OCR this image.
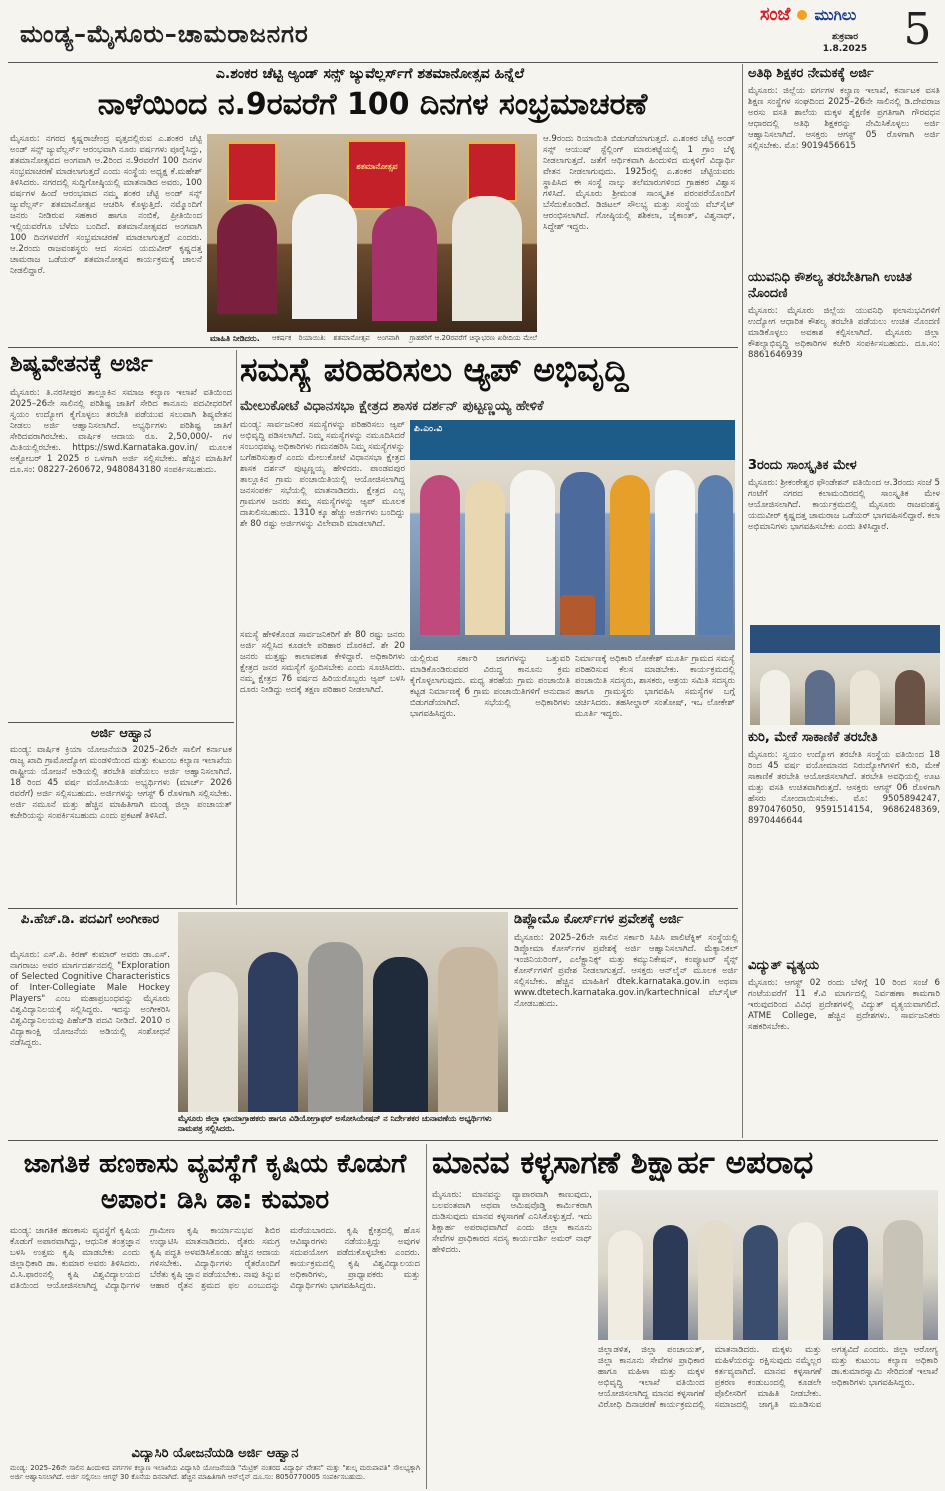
ಮಂಡ್ಯ–ಮೈಸೂರು–ಚಾಮರಾಜನಗರ
ಸಂಜೆ ಮುಗಿಲು
ಶುಕ್ರವಾರ
1.8.2025 5
ಎ.ಶಂಕರ ಚೆಟ್ಟಿ ಅ್ಯಂಡ್ ಸನ್ಸ್ ಜ್ಯುವೆಲ್ಲರ್ಸ್‌ಗೆ ಶತಮಾನೋತ್ಸವ ಹಿನ್ನೆಲೆ
ನಾಳೆಯಿಂದ ನ.9ರವರೆಗೆ 100 ದಿನಗಳ ಸಂಭ್ರಮಾಚರಣೆ
ಮೈಸೂರು: ನಗರದ ಕೃಷ್ಣರಾಜೇಂದ್ರ ವೃತ್ತದಲ್ಲಿರುವ ಎ.ಶಂಕರ ಚೆಟ್ಟಿ ಅಂಡ್ ಸನ್ಸ್ ಜ್ಯುವೆಲ್ಲರ್ಸ್ ಆರಂಭವಾಗಿ ನೂರು ವರ್ಷಗಳು ಪೂರೈಸಿದ್ದು, ಶತಮಾನೋತ್ಸವದ ಅಂಗವಾಗಿ ಆ.2ರಿಂದ ನ.9ರವರೆಗೆ 100 ದಿನಗಳ ಸಂಭ್ರಮಾಚರಣೆ ಮಾಡಲಾಗುತ್ತದೆ ಎಂದು ಸಂಸ್ಥೆಯ ಅಧ್ಯಕ್ಷ ಕೆ.ಮಹೇಶ್ ತಿಳಿಸಿದರು. ನಗರದಲ್ಲಿ ಸುದ್ದಿಗೋಷ್ಠಿಯಲ್ಲಿ ಮಾತನಾಡಿದ ಅವರು, 100 ವರ್ಷಗಳ ಹಿಂದೆ ಆರಂಭವಾದ ನಮ್ಮ ಶಂಕರ ಚೆಟ್ಟಿ ಅಂಡ್ ಸನ್ಸ್ ಜ್ಯುವೆಲ್ಲರ್ಸ್ ಶತಮಾನೋತ್ಸವ ಆಚರಿಸಿ ಕೊಳ್ಳುತ್ತಿದೆ. ನಮ್ಮೊಂದಿಗೆ ಜನರು ನೀಡಿರುವ ಸಹಕಾರ ಹಾಗೂ ನಂಬಿಕೆ, ಪ್ರೀತಿಯಿಂದ ಇಲ್ಲಿಯವರೆಗೂ ಬೆಳೆದು ಬಂದಿದೆ. ಶತಮಾನೋತ್ಸವದ ಅಂಗವಾಗಿ 100 ದಿನಗಳವರೆಗೆ ಸಂಭ್ರಮಾಚರಣೆ ಮಾಡಲಾಗುತ್ತದೆ ಎಂದರು. ಆ.2ರಂದು ರಾಜವಂಶಸ್ಥರು ಆದ ಸಂಸದ ಯದುವೀರ್ ಕೃಷ್ಣದತ್ತ ಚಾಮರಾಜ ಒಡೆಯರ್ ಶತಮಾನೋತ್ಸವ ಕಾರ್ಯಕ್ರಮಕ್ಕೆ ಚಾಲನೆ ನೀಡಲಿದ್ದಾರೆ.
ಶತಮಾನೋತ್ಸವ
ಆ.9ರಂದು ರಿಯಾಯಿತಿ ಬಿಡುಗಡೆಯಾಗುತ್ತದೆ. ಎ.ಶಂಕರ ಚೆಟ್ಟಿ ಅಂಡ್ ಸನ್ಸ್ ಆಯುಷ್ ಸ್ಟೆಲ್ಲಿಂಗ್ ಮಾರುಕಟ್ಟೆಯಲ್ಲಿ 1 ಗ್ರಾಂ ಬೆಳ್ಳಿ ನೀಡಲಾಗುತ್ತದೆ. ಜತೆಗೆ ಆರ್ಥಿಕವಾಗಿ ಹಿಂದುಳಿದ ಮಕ್ಕಳಿಗೆ ವಿದ್ಯಾರ್ಥಿ ವೇತನ ನೀಡಲಾಗುವುದು. 1925ರಲ್ಲಿ ಎ.ಶಂಕರ ಚೆಟ್ಟಿಯವರು ಸ್ಥಾಪಿಸಿದ ಈ ಸಂಸ್ಥೆ ನಾಲ್ಕು ತಲೆಮಾರುಗಳಿಂದ ಗ್ರಾಹಕರ ವಿಶ್ವಾಸ ಗಳಿಸಿದೆ. ಮೈಸೂರು ಶ್ರೀಮಂತ ಸಾಂಸ್ಕೃತಿಕ ಪರಂಪರೆಯೊಂದಿಗೆ ಬೆಸೆದುಕೊಂಡಿದೆ. ಡಿಜಿಟಲ್ ಸೌಲಭ್ಯ ಮತ್ತು ಸಂಸ್ಥೆಯ ವೆಬ್‌ಸೈಟ್ ಆರಂಭಿಸಲಾಗಿದೆ. ಗೋಷ್ಠಿಯಲ್ಲಿ ಶಶಿಕಲಾ, ಜೈಕಾಂತ್, ವಿಶ್ವನಾಥ್, ಸಿದ್ದೇಶ್ ಇದ್ದರು.
ಮಾಹಿತಿ ನೀಡಿದರು.	ಆಕರ್ಷಕ ರಿಯಾಯಿತಿ: ಶತಮಾನೋತ್ಸವ ಅಂಗವಾಗಿ ಗ್ರಾಹಕರಿಗೆ ಆ.20ರವರೆಗೆ ಚಿನ್ನಾಭರಣ ಖರೀದಿಯ ಮೇಲೆ
ಶಿಷ್ಯವೇತನಕ್ಕೆ ಅರ್ಜಿ
ಮೈಸೂರು: ತಿ.ನರಸೀಪುರ ತಾಲ್ಲೂಕಿನ ಸಮಾಜ ಕಲ್ಯಾಣ ಇಲಾಖೆ ವತಿಯಿಂದ 2025–26ನೇ ಸಾಲಿನಲ್ಲಿ ಪರಿಶಿಷ್ಟ ಜಾತಿಗೆ ಸೇರಿದ ಕಾನೂನು ಪದವೀಧರರಿಗೆ ಸ್ವಯಂ ಉದ್ಯೋಗ ಕೈಗೊಳ್ಳಲು ತರಬೇತಿ ಪಡೆಯುವ ಸಲುವಾಗಿ ಶಿಷ್ಯವೇತನ ನೀಡಲು ಅರ್ಜಿ ಆಹ್ವಾನಿಸಲಾಗಿದೆ. ಅಭ್ಯರ್ಥಿಗಳು ಪರಿಶಿಷ್ಟ ಜಾತಿಗೆ ಸೇರಿದವರಾಗಿರಬೇಕು. ವಾರ್ಷಿಕ ಆದಾಯ ರೂ. 2,50,000/- ಗಳ ಮಿತಿಯಲ್ಲಿರಬೇಕು. https://swd.Karnataka.gov.in/ ಮೂಲಕ ಅಕ್ಟೋಬರ್ 1 2025 ರ ಒಳಗಾಗಿ ಅರ್ಜಿ ಸಲ್ಲಿಸಬೇಕು. ಹೆಚ್ಚಿನ ಮಾಹಿತಿಗೆ ದೂ.ಸಂ: 08227-260672, 9480843180 ಸಂಪರ್ಕಿಸಬಹುದು.
ಅರ್ಜಿ ಆಹ್ವಾನ
ಮಂಡ್ಯ: ವಾರ್ಷಿಕ ಕ್ರಿಯಾ ಯೋಜನೆಯಡಿ 2025–26ನೇ ಸಾಲಿಗೆ ಕರ್ನಾಟಕ ರಾಜ್ಯ ಖಾದಿ ಗ್ರಾಮೋದ್ಯೋಗ ಮಂಡಳಿಯಿಂದ ಮತ್ತು ಕುಟುಂಬ ಕಲ್ಯಾಣ ಇಲಾಖೆಯ ರಾಷ್ಟ್ರೀಯ ಯೋಜನೆ ಅಡಿಯಲ್ಲಿ ತರಬೇತಿ ಪಡೆಯಲು ಅರ್ಜಿ ಆಹ್ವಾನಿಸಲಾಗಿದೆ. 18 ರಿಂದ 45 ವರ್ಷ ವಯೋಮಿತಿಯ ಅಭ್ಯರ್ಥಿಗಳು (ಮಾರ್ಚ್ 2026 ರವರೆಗೆ) ಅರ್ಜಿ ಸಲ್ಲಿಸಬಹುದು. ಅರ್ಜಿಗಳನ್ನು ಆಗಸ್ಟ್ 6 ರೊಳಗಾಗಿ ಸಲ್ಲಿಸಬೇಕು. ಅರ್ಜಿ ನಮೂನೆ ಮತ್ತು ಹೆಚ್ಚಿನ ಮಾಹಿತಿಗಾಗಿ ಮಂಡ್ಯ ಜಿಲ್ಲಾ ಪಂಚಾಯತ್ ಕಚೇರಿಯನ್ನು ಸಂಪರ್ಕಿಸಬಹುದು ಎಂದು ಪ್ರಕಟಣೆ ತಿಳಿಸಿದೆ.
ಸಮಸ್ಯೆ ಪರಿಹರಿಸಲು ಆ್ಯಪ್ ಅಭಿವೃದ್ಧಿ
ಮೇಲುಕೋಟೆ ವಿಧಾನಸಭಾ ಕ್ಷೇತ್ರದ ಶಾಸಕ ದರ್ಶನ್ ಪುಟ್ಟಣ್ಣಯ್ಯ ಹೇಳಿಕೆ
ಮಂಡ್ಯ: ಸಾರ್ವಜನಿಕರ ಸಮಸ್ಯೆಗಳನ್ನು ಪರಿಹರಿಸಲು ಆ್ಯಪ್ ಅಭಿವೃದ್ಧಿ ಪಡಿಸಲಾಗಿದೆ. ನಿಮ್ಮ ಸಮಸ್ಯೆಗಳನ್ನು ನಮೂದಿಸಿದರೆ ಸಂಬಂಧಪಟ್ಟ ಅಧಿಕಾರಿಗಳು ಗಮನಹರಿಸಿ ನಿಮ್ಮ ಸಮಸ್ಯೆಗಳನ್ನು ಬಗೆಹರಿಸುತ್ತಾರೆ ಎಂದು ಮೇಲುಕೋಟೆ ವಿಧಾನಸಭಾ ಕ್ಷೇತ್ರದ ಶಾಸಕ ದರ್ಶನ್ ಪುಟ್ಟಣ್ಣಯ್ಯ ಹೇಳಿದರು. ಪಾಂಡವಪುರ ತಾಲ್ಲೂಕಿನ ಗ್ರಾಮ ಪಂಚಾಯಿತಿಯಲ್ಲಿ ಆಯೋಜಿಸಲಾಗಿದ್ದ ಜನಸಂಪರ್ಕ ಸಭೆಯಲ್ಲಿ ಮಾತನಾಡಿದರು. ಕ್ಷೇತ್ರದ ಎಲ್ಲ ಗ್ರಾಮಗಳ ಜನರು ತಮ್ಮ ಸಮಸ್ಯೆಗಳನ್ನು ಆ್ಯಪ್ ಮೂಲಕ ದಾಖಲಿಸಬಹುದು. 1310 ಕ್ಕೂ ಹೆಚ್ಚು ಅರ್ಜಿಗಳು ಬಂದಿದ್ದು ಶೇ 80 ರಷ್ಟು ಅರ್ಜಿಗಳನ್ನು ವಿಲೇವಾರಿ ಮಾಡಲಾಗಿದೆ.
ಸಮಸ್ಯೆ ಹೇಳಿಕೊಂಡ ಸಾರ್ವಜನಿಕರಿಗೆ ಶೇ 80 ರಷ್ಟು ಜನರು ಅರ್ಜಿ ಸಲ್ಲಿಸಿದ ಕೂಡಲೇ ಪರಿಹಾರ ದೊರಕಿದೆ. ಶೇ 20 ಜನರು ಮತ್ತಷ್ಟು ಕಾಲಾವಕಾಶ ಕೇಳಿದ್ದಾರೆ. ಅಧಿಕಾರಿಗಳು ಕ್ಷೇತ್ರದ ಜನರ ಸಮಸ್ಯೆಗೆ ಸ್ಪಂದಿಸಬೇಕು ಎಂದು ಸೂಚಿಸಿದರು. ನಮ್ಮ ಕ್ಷೇತ್ರದ 76 ವರ್ಷದ ಹಿರಿಯರೊಬ್ಬರು ಆ್ಯಪ್ ಬಳಸಿ ದೂರು ನೀಡಿದ್ದು ಅದಕ್ಕೆ ತಕ್ಷಣ ಪರಿಹಾರ ನೀಡಲಾಗಿದೆ.
ಪಿ.ಎಂ.ವಿ
ಯಲ್ಲಿರುವ ಸರ್ಕಾರಿ ಜಾಗಗಳನ್ನು ಒತ್ತುವರಿ ಮಾಡಿಕೊಂಡಿರುವವರ ವಿರುದ್ಧ ಕಾನೂನು ಕ್ರಮ ಕೈಗೊಳ್ಳಲಾಗುವುದು. ಮಧ್ಯ ತರಹೆಯ ಗ್ರಾಮ ಪಂಚಾಯಿತಿ ಕಟ್ಟಡ ನಿರ್ಮಾಣಕ್ಕೆ 6 ಗ್ರಾಮ ಪಂಚಾಯಿತಿಗಳಿಗೆ ಅನುದಾನ ಬಿಡುಗಡೆಯಾಗಿದೆ. ಸಭೆಯಲ್ಲಿ ಅಧಿಕಾರಿಗಳು ಭಾಗವಹಿಸಿದ್ದರು.
ನಿರ್ಮಾಣಕ್ಕೆ ಅಧಿಕಾರಿ ಲೋಕೇಶ್ ಮೂರ್ತಿ ಗ್ರಾಮದ ಸಮಸ್ಯೆ ಪರಿಹರಿಸುವ ಕೆಲಸ ಮಾಡಬೇಕು. ಕಾರ್ಯಕ್ರಮದಲ್ಲಿ ಪಂಚಾಯಿತಿ ಸದಸ್ಯರು, ಶಾಸಕರು, ಆಶ್ರಯ ಸಮಿತಿ ಸದಸ್ಯರು ಹಾಗೂ ಗ್ರಾಮಸ್ಥರು ಭಾಗವಹಿಸಿ ಸಮಸ್ಯೆಗಳ ಬಗ್ಗೆ ಚರ್ಚಿಸಿದರು. ತಹಸೀಲ್ದಾರ್ ಸಂತೋಷ್, ಇಒ ಲೋಕೇಶ್ ಮೂರ್ತಿ ಇದ್ದರು.
ಪಿ.ಹೆಚ್.ಡಿ. ಪದವಿಗೆ ಅಂಗೀಕಾರ
ಮೈಸೂರು: ಎಸ್.ಪಿ. ಕಿರಣ್ ಕುಮಾರ್ ಅವರು ಡಾ.ಎಸ್. ನಾಗರಾಜು ಅವರ ಮಾರ್ಗದರ್ಶನದಲ್ಲಿ "Exploration of Selected Cognitive Characteristics of Inter-Collegiate Male Hockey Players" ಎಂಬ ಮಹಾಪ್ರಬಂಧವನ್ನು ಮೈಸೂರು ವಿಶ್ವವಿದ್ಯಾನಿಲಯಕ್ಕೆ ಸಲ್ಲಿಸಿದ್ದರು. ಇದನ್ನು ಅಂಗೀಕರಿಸಿ ವಿಶ್ವವಿದ್ಯಾನಿಲಯವು ಪಿಹೆಚ್‌ಡಿ ಪದವಿ ನೀಡಿದೆ. 2010 ರ ವಿದ್ಯಾಕಾಂಕ್ಷಿ ಯೋಜನೆಯ ಅಡಿಯಲ್ಲಿ ಸಂಶೋಧನೆ ನಡೆಸಿದ್ದರು.
ಮೈಸೂರು ಜಿಲ್ಲಾ ಛಾಯಾಗ್ರಾಹಕರು ಹಾಗೂ ವಿಡಿಯೋಗ್ರಾಫರ್ ಅಸೋಸಿಯೇಷನ್ ನ ನಿರ್ದೇಶಕರ ಚುನಾವಣೆಯ ಅಭ್ಯರ್ಥಿಗಳು ನಾಮಪತ್ರ ಸಲ್ಲಿಸಿದರು.
ಡಿಪ್ಲೋಮೊ ಕೋರ್ಸ್‌ಗಳ ಪ್ರವೇಶಕ್ಕೆ ಅರ್ಜಿ
ಮೈಸೂರು: 2025–26ನೇ ಸಾಲಿನ ಸರ್ಕಾರಿ ಸಿಪಿಸಿ ಪಾಲಿಟೆಕ್ನಿಕ್ ಸಂಸ್ಥೆಯಲ್ಲಿ ಡಿಪ್ಲೋಮಾ ಕೋರ್ಸ್‌ಗಳ ಪ್ರವೇಶಕ್ಕೆ ಅರ್ಜಿ ಆಹ್ವಾನಿಸಲಾಗಿದೆ. ಮೆಕ್ಯಾನಿಕಲ್ ಇಂಜಿನಿಯರಿಂಗ್, ಎಲೆಕ್ಟ್ರಾನಿಕ್ಸ್ ಮತ್ತು ಕಮ್ಯುನಿಕೇಷನ್, ಕಂಪ್ಯೂಟರ್ ಸೈನ್ಸ್ ಕೋರ್ಸ್‌ಗಳಿಗೆ ಪ್ರವೇಶ ನೀಡಲಾಗುತ್ತದೆ. ಆಸಕ್ತರು ಆನ್‌ಲೈನ್ ಮೂಲಕ ಅರ್ಜಿ ಸಲ್ಲಿಸಬೇಕು. ಹೆಚ್ಚಿನ ಮಾಹಿತಿಗೆ dtek.karnataka.gov.in ಅಥವಾ www.dtetech.karnataka.gov.in/kartechnical ವೆಬ್‌ಸೈಟ್ ನೋಡಬಹುದು.
ಅತಿಥಿ ಶಿಕ್ಷಕರ ನೇಮಕಕ್ಕೆ ಅರ್ಜಿ
ಮೈಸೂರು: ಜಿಲ್ಲೆಯ ವರ್ಗಗಳ ಕಲ್ಯಾಣ ಇಲಾಖೆ, ಕರ್ನಾಟಕ ವಸತಿ ಶಿಕ್ಷಣ ಸಂಸ್ಥೆಗಳ ಸಂಘದಿಂದ 2025–26ನೇ ಸಾಲಿನಲ್ಲಿ ಡಿ.ದೇವರಾಜ ಅರಸು ವಸತಿ ಶಾಲೆಯ ಮಕ್ಕಳ ಶೈಕ್ಷಣಿಕ ಪ್ರಗತಿಗಾಗಿ ಗೌರವಧನ ಆಧಾರದಲ್ಲಿ ಅತಿಥಿ ಶಿಕ್ಷಕರನ್ನು ನೇಮಿಸಿಕೊಳ್ಳಲು ಅರ್ಜಿ ಆಹ್ವಾನಿಸಲಾಗಿದೆ. ಆಸಕ್ತರು ಆಗಸ್ಟ್ 05 ರೊಳಗಾಗಿ ಅರ್ಜಿ ಸಲ್ಲಿಸಬೇಕು. ಮೊ: 9019456615
ಯುವನಿಧಿ ಕೌಶಲ್ಯ ತರಬೇತಿಗಾಗಿ ಉಚಿತ ನೊಂದಣಿ
ಮೈಸೂರು: ಮೈಸೂರು ಜಿಲ್ಲೆಯ ಯುವನಿಧಿ ಫಲಾನುಭವಿಗಳಿಗೆ ಉದ್ಯೋಗ ಆಧಾರಿತ ಕೌಶಲ್ಯ ತರಬೇತಿ ಪಡೆಯಲು ಉಚಿತ ನೊಂದಣಿ ಮಾಡಿಕೊಳ್ಳಲು ಅವಕಾಶ ಕಲ್ಪಿಸಲಾಗಿದೆ. ಮೈಸೂರು ಜಿಲ್ಲಾ ಕೌಶಲ್ಯಾಭಿವೃದ್ಧಿ ಅಧಿಕಾರಿಗಳ ಕಚೇರಿ ಸಂಪರ್ಕಿಸಬಹುದು. ದೂ.ಸಂ: 8861646939
3ರಂದು ಸಾಂಸ್ಕೃತಿಕ ಮೇಳ
ಮೈಸೂರು: ಶ್ರೀಕಂಠೇಶ್ವರ ಫೌಂಡೇಶನ್ ವತಿಯಿಂದ ಆ.3ರಂದು ಸಂಜೆ 5 ಗಂಟೆಗೆ ನಗರದ ಕಲಾಮಂದಿರದಲ್ಲಿ ಸಾಂಸ್ಕೃತಿಕ ಮೇಳ ಆಯೋಜಿಸಲಾಗಿದೆ. ಕಾರ್ಯಕ್ರಮದಲ್ಲಿ ಮೈಸೂರು ರಾಜವಂಶಸ್ಥ ಯದುವೀರ್ ಕೃಷ್ಣದತ್ತ ಚಾಮರಾಜ ಒಡೆಯರ್ ಭಾಗವಹಿಸಲಿದ್ದಾರೆ. ಕಲಾ ಅಭಿಮಾನಿಗಳು ಭಾಗವಹಿಸಬೇಕು ಎಂದು ತಿಳಿಸಿದ್ದಾರೆ.
ಕುರಿ, ಮೇಕೆ ಸಾಕಾಣಿಕೆ ತರಬೇತಿ
ಮೈಸೂರು: ಸ್ವಯಂ ಉದ್ಯೋಗ ತರಬೇತಿ ಸಂಸ್ಥೆಯ ವತಿಯಿಂದ 18 ರಿಂದ 45 ವರ್ಷ ವಯೋಮಾನದ ನಿರುದ್ಯೋಗಿಗಳಿಗೆ ಕುರಿ, ಮೇಕೆ ಸಾಕಾಣಿಕೆ ತರಬೇತಿ ಆಯೋಜಿಸಲಾಗಿದೆ. ತರಬೇತಿ ಅವಧಿಯಲ್ಲಿ ಊಟ ಮತ್ತು ವಸತಿ ಉಚಿತವಾಗಿರುತ್ತದೆ. ಆಸಕ್ತರು ಆಗಸ್ಟ್ 06 ರೊಳಗಾಗಿ ಹೆಸರು ನೋಂದಾಯಿಸಬೇಕು. ಮೊ: 9505894247, 8970476050, 9591514154, 9686248369, 8970446644
ವಿದ್ಯುತ್ ವ್ಯತ್ಯಯ
ಮೈಸೂರು: ಆಗಸ್ಟ್ 02 ರಂದು ಬೆಳಿಗ್ಗೆ 10 ರಿಂದ ಸಂಜೆ 6 ಗಂಟೆಯವರೆಗೆ 11 ಕೆ.ವಿ ಮಾರ್ಗದಲ್ಲಿ ನಿರ್ವಹಣಾ ಕಾಮಗಾರಿ ಇರುವುದರಿಂದ ವಿವಿಧ ಪ್ರದೇಶಗಳಲ್ಲಿ ವಿದ್ಯುತ್ ವ್ಯತ್ಯಯವಾಗಲಿದೆ. ATME College, ಹೆಚ್ಚಿನ ಪ್ರದೇಶಗಳು. ಸಾರ್ವಜನಿಕರು ಸಹಕರಿಸಬೇಕು.
ಜಾಗತಿಕ ಹಣಕಾಸು ವ್ಯವಸ್ಥೆಗೆ ಕೃಷಿಯ ಕೊಡುಗೆ ಅಪಾರ: ಡಿಸಿ ಡಾ: ಕುಮಾರ
ಮಂಡ್ಯ: ಜಾಗತಿಕ ಹಣಕಾಸು ವ್ಯವಸ್ಥೆಗೆ ಕೃಷಿಯ ಕೊಡುಗೆ ಅಪಾರವಾಗಿದ್ದು, ಆಧುನಿಕ ತಂತ್ರಜ್ಞಾನ ಬಳಸಿ ಉತ್ತಮ ಕೃಷಿ ಮಾಡಬೇಕು ಎಂದು ಜಿಲ್ಲಾಧಿಕಾರಿ ಡಾ. ಕುಮಾರ ಅವರು ತಿಳಿಸಿದರು. ವಿ.ಸಿ.ಫಾರಂನಲ್ಲಿ ಕೃಷಿ ವಿಶ್ವವಿದ್ಯಾಲಯದ ವತಿಯಿಂದ ಆಯೋಜಿಸಲಾಗಿದ್ದ ವಿದ್ಯಾರ್ಥಿಗಳ ಗ್ರಾಮೀಣ ಕೃಷಿ ಕಾರ್ಯಾನುಭವ ಶಿಬಿರ ಉದ್ಘಾಟಿಸಿ ಮಾತನಾಡಿದರು. ರೈತರು ಸಮಗ್ರ ಕೃಷಿ ಪದ್ಧತಿ ಅಳವಡಿಸಿಕೊಂಡು ಹೆಚ್ಚಿನ ಆದಾಯ ಗಳಿಸಬೇಕು. ವಿದ್ಯಾರ್ಥಿಗಳು ರೈತರೊಂದಿಗೆ ಬೆರೆತು ಕೃಷಿ ಜ್ಞಾನ ಪಡೆಯಬೇಕು. ನಾವು ತಿನ್ನುವ ಆಹಾರ ರೈತನ ಶ್ರಮದ ಫಲ ಎಂಬುದನ್ನು ಮರೆಯಬಾರದು. ಕೃಷಿ ಕ್ಷೇತ್ರದಲ್ಲಿ ಹೊಸ ಆವಿಷ್ಕಾರಗಳು ನಡೆಯುತ್ತಿದ್ದು ಅವುಗಳ ಸದುಪಯೋಗ ಪಡೆದುಕೊಳ್ಳಬೇಕು ಎಂದರು. ಕಾರ್ಯಕ್ರಮದಲ್ಲಿ ಕೃಷಿ ವಿಶ್ವವಿದ್ಯಾಲಯದ ಅಧಿಕಾರಿಗಳು, ಪ್ರಾಧ್ಯಾಪಕರು ಮತ್ತು ವಿದ್ಯಾರ್ಥಿಗಳು ಭಾಗವಹಿಸಿದ್ದರು.
ವಿದ್ಯಾಸಿರಿ ಯೋಜನೆಯಡಿ ಅರ್ಜಿ ಆಹ್ವಾನ
ಮಂಡ್ಯ: 2025–26ನೇ ಸಾಲಿನ ಹಿಂದುಳಿದ ವರ್ಗಗಳ ಕಲ್ಯಾಣ ಇಲಾಖೆಯ ವಿದ್ಯಾಸಿರಿ ಯೋಜನೆಯಡಿ "ಮೆಟ್ರಿಕ್ ನಂತರದ ವಿದ್ಯಾರ್ಥಿ ವೇತನ" ಮತ್ತು "ಶುಲ್ಕ ಮರುಪಾವತಿ" ಸೌಲಭ್ಯಕ್ಕಾಗಿ ಅರ್ಜಿ ಆಹ್ವಾನಿಸಲಾಗಿದೆ. ಅರ್ಜಿ ಸಲ್ಲಿಸಲು ಆಗಸ್ಟ್ 30 ಕೊನೆಯ ದಿನವಾಗಿದೆ. ಹೆಚ್ಚಿನ ಮಾಹಿತಿಗಾಗಿ ಆನ್‌ಲೈನ್ ದೂ.ಸಂ: 8050770005 ಸಂಪರ್ಕಿಸಬಹುದು.
ಮಾನವ ಕಳ್ಳಸಾಗಣೆ ಶಿಕ್ಷಾರ್ಹ ಅಪರಾಧ
ಮೈಸೂರು: ಮಾನವನ್ನು ವ್ಯಾಪಾರವಾಗಿ ಕಾಣುವುದು, ಬಲವಂತವಾಗಿ ಅಥವಾ ಆಮಿಷವೊಡ್ಡಿ ಕಾರ್ಮಿಕರಾಗಿ ದುಡಿಸುವುದು ಮಾನವ ಕಳ್ಳಸಾಗಣೆ ಎನಿಸಿಕೊಳ್ಳುತ್ತದೆ. ಇದು ಶಿಕ್ಷಾರ್ಹ ಅಪರಾಧವಾಗಿದೆ ಎಂದು ಜಿಲ್ಲಾ ಕಾನೂನು ಸೇವೆಗಳ ಪ್ರಾಧಿಕಾರದ ಸದಸ್ಯ ಕಾರ್ಯದರ್ಶಿ ಅಮರ್ ನಾಥ್ ಹೇಳಿದರು.
ಜಿಲ್ಲಾಡಳಿತ, ಜಿಲ್ಲಾ ಪಂಚಾಯತ್, ಜಿಲ್ಲಾ ಕಾನೂನು ಸೇವೆಗಳ ಪ್ರಾಧಿಕಾರ ಹಾಗೂ ಮಹಿಳಾ ಮತ್ತು ಮಕ್ಕಳ ಅಭಿವೃದ್ಧಿ ಇಲಾಖೆ ವತಿಯಿಂದ ಆಯೋಜಿಸಲಾಗಿದ್ದ ಮಾನವ ಕಳ್ಳಸಾಗಣೆ ವಿರೋಧಿ ದಿನಾಚರಣೆ ಕಾರ್ಯಕ್ರಮದಲ್ಲಿ ಮಾತನಾಡಿದರು. ಮಕ್ಕಳು ಮತ್ತು ಮಹಿಳೆಯರನ್ನು ರಕ್ಷಿಸುವುದು ನಮ್ಮೆಲ್ಲರ ಕರ್ತವ್ಯವಾಗಿದೆ. ಮಾನವ ಕಳ್ಳಸಾಗಣೆ ಪ್ರಕರಣ ಕಂಡುಬಂದಲ್ಲಿ ಕೂಡಲೇ ಪೊಲೀಸರಿಗೆ ಮಾಹಿತಿ ನೀಡಬೇಕು. ಸಮಾಜದಲ್ಲಿ ಜಾಗೃತಿ ಮೂಡಿಸುವ ಅಗತ್ಯವಿದೆ ಎಂದರು. ಜಿಲ್ಲಾ ಆರೋಗ್ಯ ಮತ್ತು ಕುಟುಂಬ ಕಲ್ಯಾಣ ಅಧಿಕಾರಿ ಡಾ.ಕುಮಾರಸ್ವಾಮಿ ಸೇರಿದಂತೆ ಇಲಾಖೆ ಅಧಿಕಾರಿಗಳು ಭಾಗವಹಿಸಿದ್ದರು.
